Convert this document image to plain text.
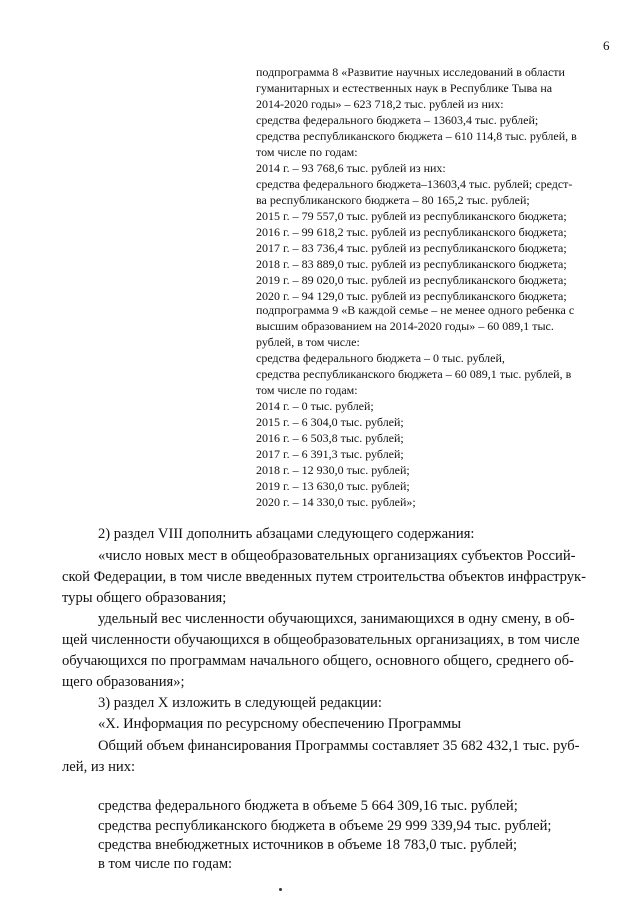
6

подпрограмма 8 «Развитие научных исследований в области

гуманитарных и естественных наук в Республике Тыва на

2014-2020 годы» – 623 718,2 тыс. рублей из них:

средства федерального бюджета – 13603,4 тыс. рублей;

средства республиканского бюджета – 610 114,8 тыс. рублей, в

том числе по годам:

2014 г. – 93 768,6 тыс. рублей из них:

средства федерального бюджета–13603,4 тыс. рублей; средст-

ва республиканского бюджета – 80 165,2 тыс. рублей;

2015 г. – 79 557,0 тыс. рублей из республиканского бюджета;

2016 г. – 99 618,2 тыс. рублей из республиканского бюджета;

2017 г. – 83 736,4 тыс. рублей из республиканского бюджета;

2018 г. – 83 889,0 тыс. рублей из республиканского бюджета;

2019 г. – 89 020,0 тыс. рублей из республиканского бюджета;

2020 г. – 94 129,0 тыс. рублей из республиканского бюджета;

подпрограмма 9 «В каждой семье – не менее одного ребенка с

высшим образованием на 2014-2020 годы» – 60 089,1 тыс.

рублей, в том числе:

средства федерального бюджета – 0 тыс. рублей,

средства республиканского бюджета – 60 089,1 тыс. рублей, в

том числе по годам:

2014 г. – 0 тыс. рублей;

2015 г. – 6 304,0 тыс. рублей;

2016 г. – 6 503,8 тыс. рублей;

2017 г. – 6 391,3 тыс. рублей;

2018 г. – 12 930,0 тыс. рублей;

2019 г. – 13 630,0 тыс. рублей;

2020 г. – 14 330,0 тыс. рублей»;

2) раздел VIII дополнить абзацами следующего содержания:

«число новых мест в общеобразовательных организациях субъектов Россий-

ской Федерации, в том числе введенных путем строительства объектов инфраструк-

туры общего образования;

удельный вес численности обучающихся, занимающихся в одну смену, в об-

щей численности обучающихся в общеобразовательных организациях, в том числе

обучающихся по программам начального общего, основного общего, среднего об-

щего образования»;

3) раздел X изложить в следующей редакции:

«X. Информация по ресурсному обеспечению Программы

Общий объем финансирования Программы составляет 35 682 432,1 тыс. руб-

лей, из них:

средства федерального бюджета в объеме 5 664 309,16 тыс. рублей;

средства республиканского бюджета в объеме 29 999 339,94 тыс. рублей;

средства внебюджетных источников в объеме 18 783,0 тыс. рублей;

в том числе по годам:
